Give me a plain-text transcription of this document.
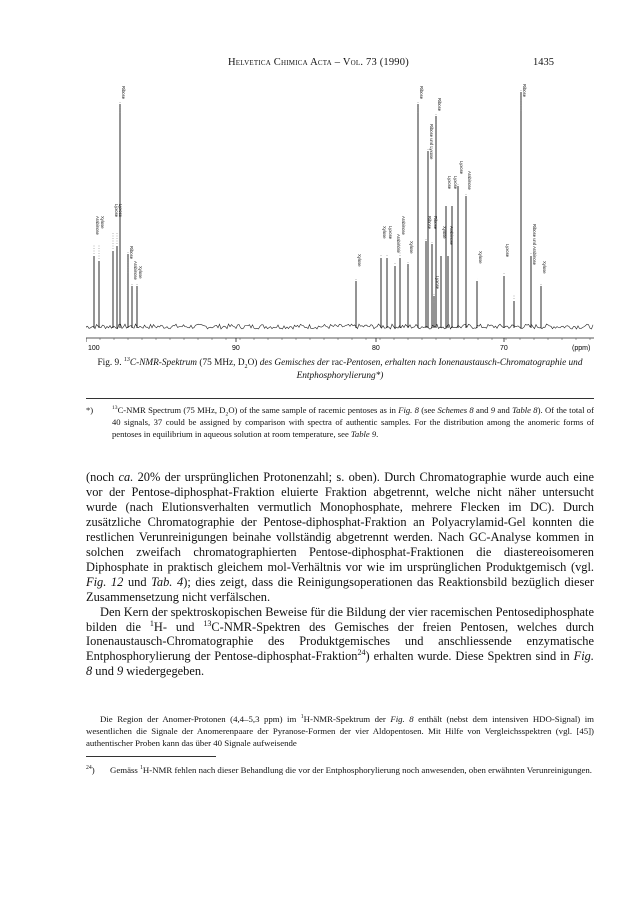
Helvetica Chimica Acta – Vol. 73 (1990)	1435
Arabinose Xylose
Lyxose Lyxose
Ribose
Ribose
Arabinose Xylose
Xylose
Xylose Lyxose
Arabinose
Arabinose
Xylose
Ribose
Ribose und Lyxose
Ribose
Lyxose Lyxose
Ribose Ribose
Lyxose
Xylose Arabinose
Lyxose
Arabinose
Xylose
Lyxose
Ribose
Ribose und Arabinose
Xylose
100	90	80	70	(ppm)
Fig. 9. $^{13}$C-NMR-Spektrum (75 MHz, $D_2O$) des Gemisches der rac-Pentosen, erhalten nach Ionenaustausch-Chromatographie und Entphosphorylierung*)
*)	$^{13}$C-NMR Spectrum (75 MHz, $D_2O$) of the same sample of racemic pentoses as in Fig. 8 (see Schemes 8 and 9 and Table 8). Of the total of 40 signals, 37 could be assigned by comparison with spectra of authentic samples. For the distribution among the anomeric forms of pentoses in equilibrium in aqueous solution at room temperature, see Table 9.

(noch ca. 20% der ursprünglichen Protonenzahl; s. oben). Durch Chromatographie wurde auch eine vor der Pentose-diphosphat-Fraktion eluierte Fraktion abgetrennt, welche nicht näher untersucht wurde (nach Elutionsverhalten vermutlich Monophosphate, mehrere Flecken im DC). Durch zusätzliche Chromatographie der Pentose-diphosphat-Fraktion an Polyacrylamid-Gel konnten die restlichen Verunreinigungen beinahe vollständig abgetrennt werden. Nach GC-Analyse kommen in solchen zweifach chromatographierten Pentose-diphosphat-Fraktionen die diastereoisomeren Diphosphate in praktisch gleichem mol-Verhältnis vor wie im ursprünglichen Produktgemisch (vgl. Fig. 12 und Tab. 4); dies zeigt, dass die Reinigungsoperationen das Reaktionsbild bezüglich dieser Zusammensetzung nicht verfälschen.

Den Kern der spektroskopischen Beweise für die Bildung der vier racemischen Pentosediphosphate bilden die $^1$H- und $^{13}$C-NMR-Spektren des Gemisches der freien Pentosen, welches durch Ionenaustausch-Chromatographie des Produktgemisches und anschliessende enzymatische Entphosphorylierung der Pentose-diphosphat-Fraktion$^{24}$) erhalten wurde. Diese Spektren sind in Fig. 8 und 9 wiedergegeben.

Die Region der Anomer-Protonen (4,4–5,3 ppm) im $^1$H-NMR-Spektrum der Fig. 8 enthält (nebst dem intensiven HDO-Signal) im wesentlichen die Signale der Anomerenpaare der Pyranose-Formen der vier Aldopentosen. Mit Hilfe von Vergleichsspektren (vgl. [45]) authentischer Proben kann das über 40 Signale aufweisende
$^{24}$) Gemäss $^1$H-NMR fehlen nach dieser Behandlung die vor der Entphosphorylierung noch anwesenden, oben erwähnten Verunreinigungen.
